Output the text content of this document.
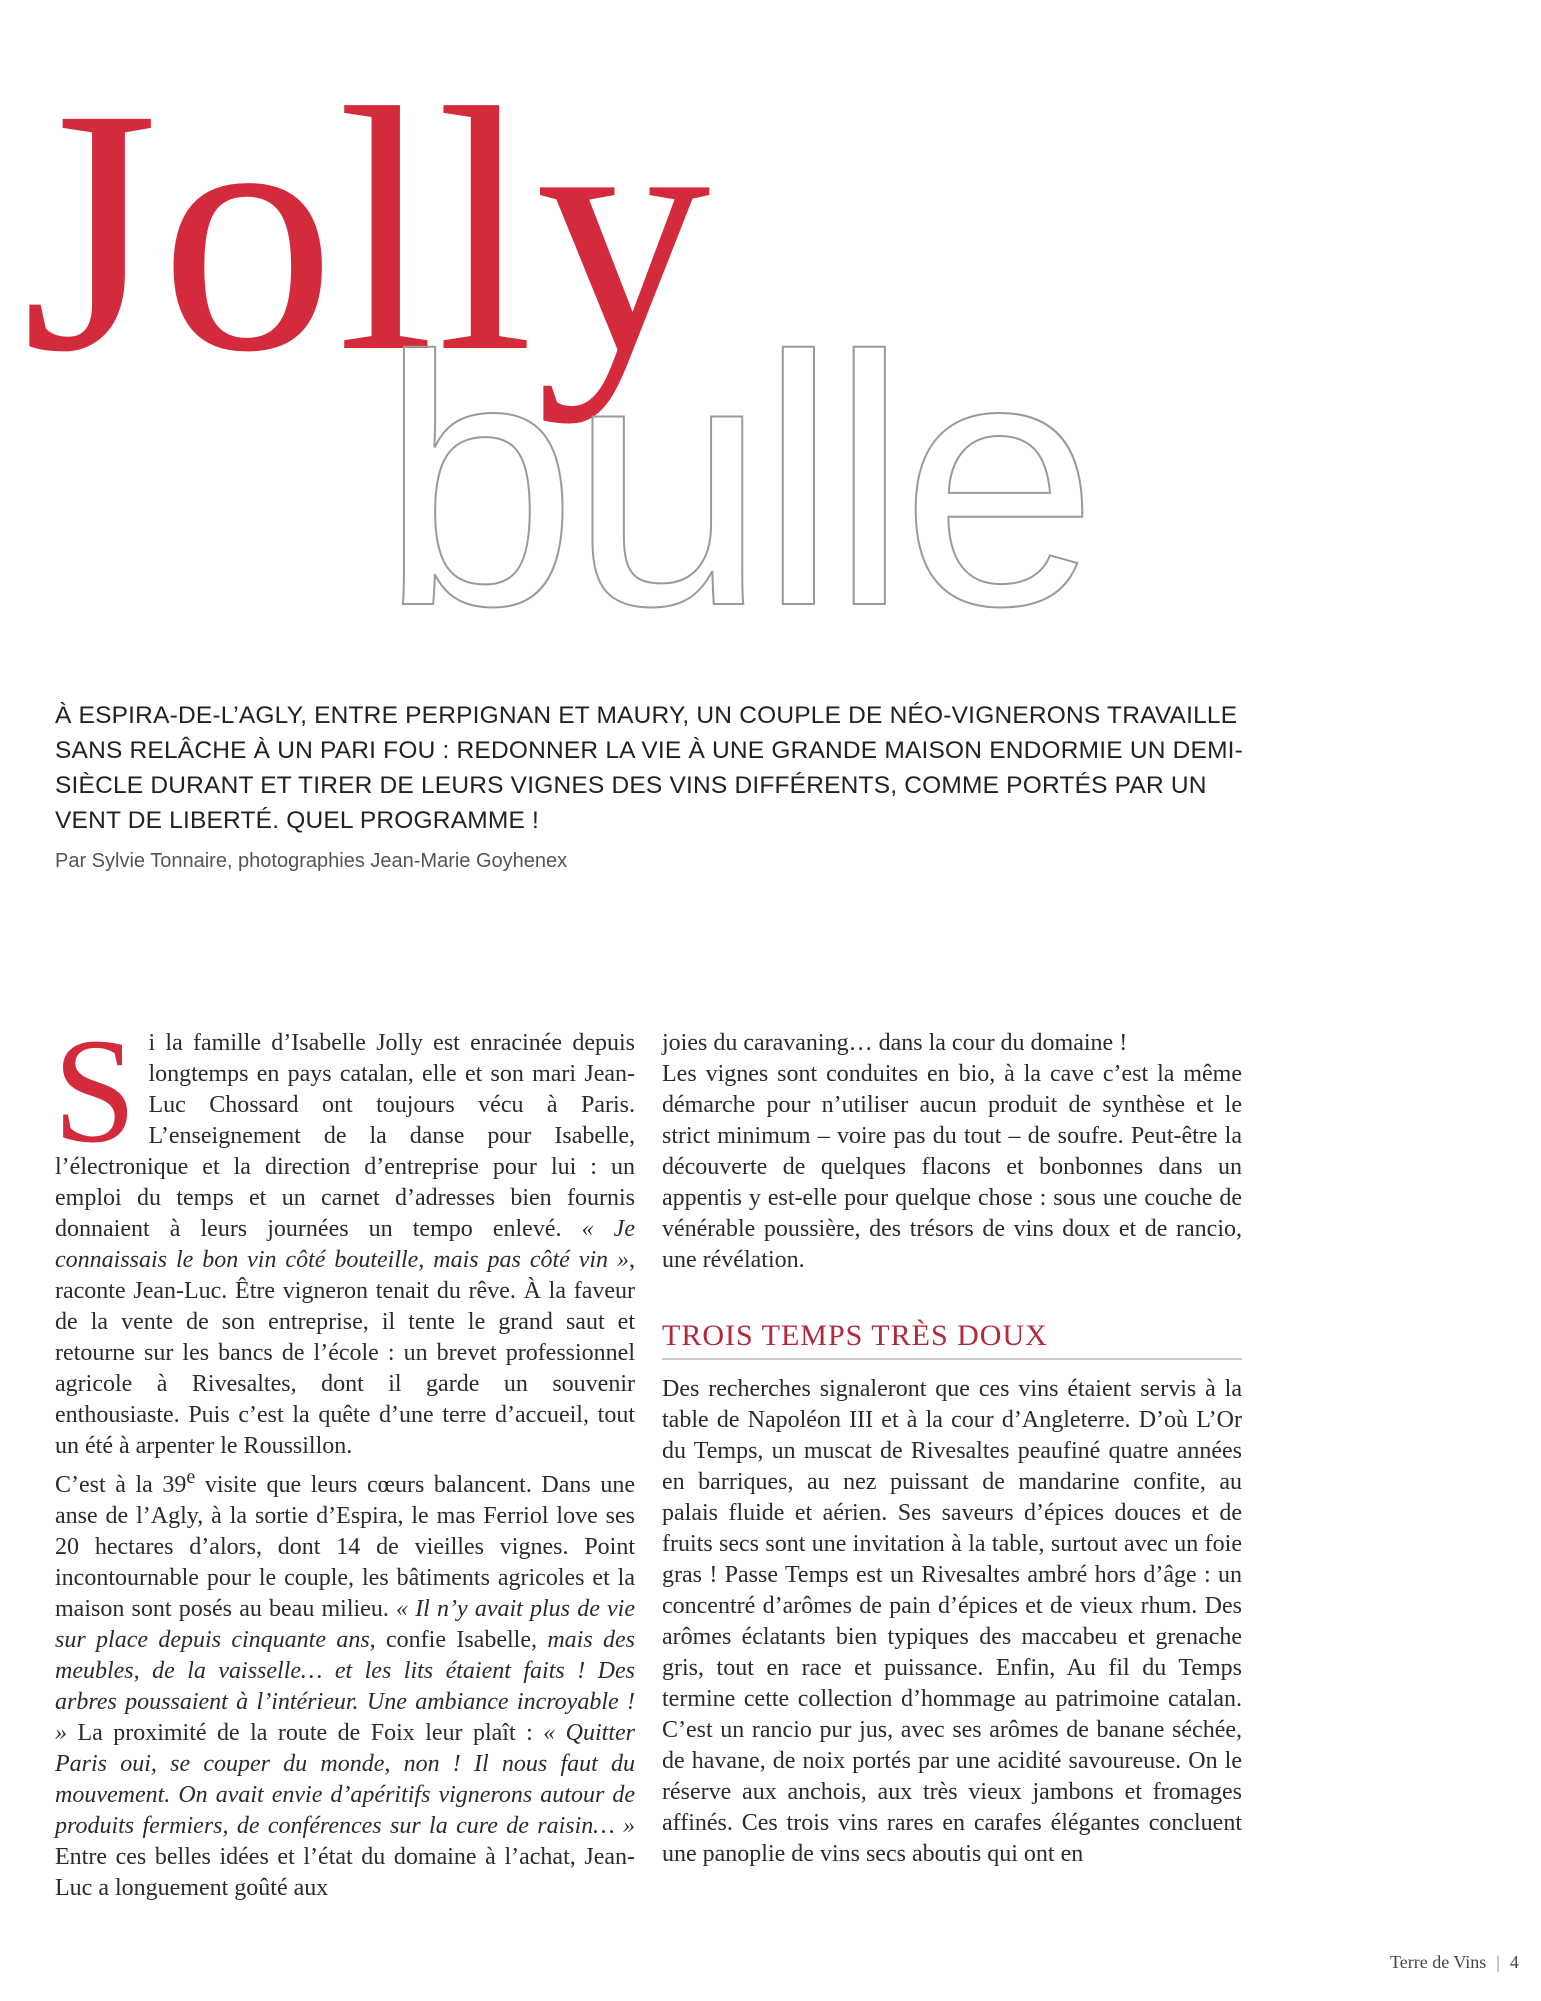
Jolly
bulle
À ESPIRA-DE-L’AGLY, ENTRE PERPIGNAN ET MAURY, UN COUPLE DE NÉO-VIGNERONS TRAVAILLE SANS RELÂCHE À UN PARI FOU : REDONNER LA VIE À UNE GRANDE MAISON ENDORMIE UN DEMI-SIÈCLE DURANT ET TIRER DE LEURS VIGNES DES VINS DIFFÉRENTS, COMME PORTÉS PAR UN VENT DE LIBERTÉ. QUEL PROGRAMME !
Par Sylvie Tonnaire, photographies Jean-Marie Goyhenex

Si la famille d’Isabelle Jolly est enracinée depuis longtemps en pays catalan, elle et son mari Jean-Luc Chossard ont toujours vécu à Paris. L’enseignement de la danse pour Isabelle, l’électronique et la direction d’entreprise pour lui : un emploi du temps et un carnet d’adresses bien fournis donnaient à leurs journées un tempo enlevé. « Je connaissais le bon vin côté bouteille, mais pas côté vin », raconte Jean-Luc. Être vigneron tenait du rêve. À la faveur de la vente de son entreprise, il tente le grand saut et retourne sur les bancs de l’école : un brevet professionnel agricole à Rivesaltes, dont il garde un souvenir enthousiaste. Puis c’est la quête d’une terre d’accueil, tout un été à arpenter le Roussillon.

C’est à la 39e visite que leurs cœurs balancent. Dans une anse de l’Agly, à la sortie d’Espira, le mas Ferriol love ses 20 hectares d’alors, dont 14 de vieilles vignes. Point incontournable pour le couple, les bâtiments agricoles et la maison sont posés au beau milieu. « Il n’y avait plus de vie sur place depuis cinquante ans, confie Isabelle, mais des meubles, de la vaisselle… et les lits étaient faits ! Des arbres poussaient à l’intérieur. Une ambiance incroyable ! » La proximité de la route de Foix leur plaît : « Quitter Paris oui, se couper du monde, non ! Il nous faut du mouvement. On avait envie d’apéritifs vignerons autour de produits fermiers, de conférences sur la cure de raisin… » Entre ces belles idées et l’état du domaine à l’achat, Jean-Luc a longuement goûté aux

joies du caravaning… dans la cour du domaine !

Les vignes sont conduites en bio, à la cave c’est la même démarche pour n’utiliser aucun produit de synthèse et le strict minimum – voire pas du tout – de soufre. Peut-être la découverte de quelques flacons et bonbonnes dans un appentis y est-elle pour quelque chose : sous une couche de vénérable poussière, des trésors de vins doux et de rancio, une révélation.

TROIS TEMPS TRÈS DOUX

Des recherches signaleront que ces vins étaient servis à la table de Napoléon III et à la cour d’Angleterre. D’où L’Or du Temps, un muscat de Rivesaltes peaufiné quatre années en barriques, au nez puissant de mandarine confite, au palais fluide et aérien. Ses saveurs d’épices douces et de fruits secs sont une invitation à la table, surtout avec un foie gras ! Passe Temps est un Rivesaltes ambré hors d’âge : un concentré d’arômes de pain d’épices et de vieux rhum. Des arômes éclatants bien typiques des maccabeu et grenache gris, tout en race et puissance. Enfin, Au fil du Temps termine cette collection d’hommage au patrimoine catalan. C’est un rancio pur jus, avec ses arômes de banane séchée, de havane, de noix portés par une acidité savoureuse. On le réserve aux anchois, aux très vieux jambons et fromages affinés. Ces trois vins rares en carafes élégantes concluent une panoplie de vins secs aboutis qui ont en

Terre de Vins | 4
